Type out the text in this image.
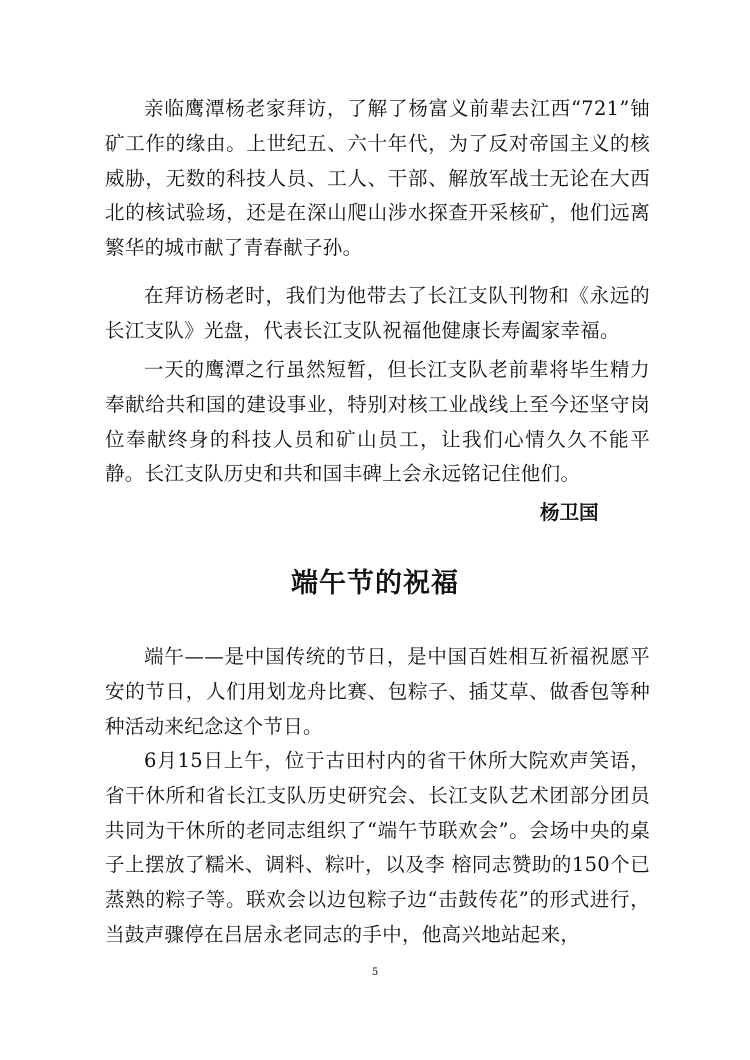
亲临鹰潭杨老家拜访，了解了杨富义前辈去江西“721”铀矿工作的缘由。上世纪五、六十年代，为了反对帝国主义的核威胁，无数的科技人员、工人、干部、解放军战士无论在大西北的核试验场，还是在深山爬山涉水探查开采核矿，他们远离繁华的城市献了青春献子孙。

在拜访杨老时，我们为他带去了长江支队刊物和《永远的长江支队》光盘，代表长江支队祝福他健康长寿阖家幸福。

一天的鹰潭之行虽然短暂，但长江支队老前辈将毕生精力奉献给共和国的建设事业，特别对核工业战线上至今还坚守岗位奉献终身的科技人员和矿山员工，让我们心情久久不能平静。长江支队历史和共和国丰碑上会永远铭记住他们。

杨卫国

端午节的祝福

端午——是中国传统的节日，是中国百姓相互祈福祝愿平安的节日，人们用划龙舟比赛、包粽子、插艾草、做香包等种种活动来纪念这个节日。

6月15日上午，位于古田村内的省干休所大院欢声笑语，省干休所和省长江支队历史研究会、长江支队艺术团部分团员共同为干休所的老同志组织了“端午节联欢会”。会场中央的桌子上摆放了糯米、调料、粽叶，以及李 榕同志赞助的150个已蒸熟的粽子等。联欢会以边包粽子边“击鼓传花”的形式进行，当鼓声骤停在吕居永老同志的手中，他高兴地站起来，

5
